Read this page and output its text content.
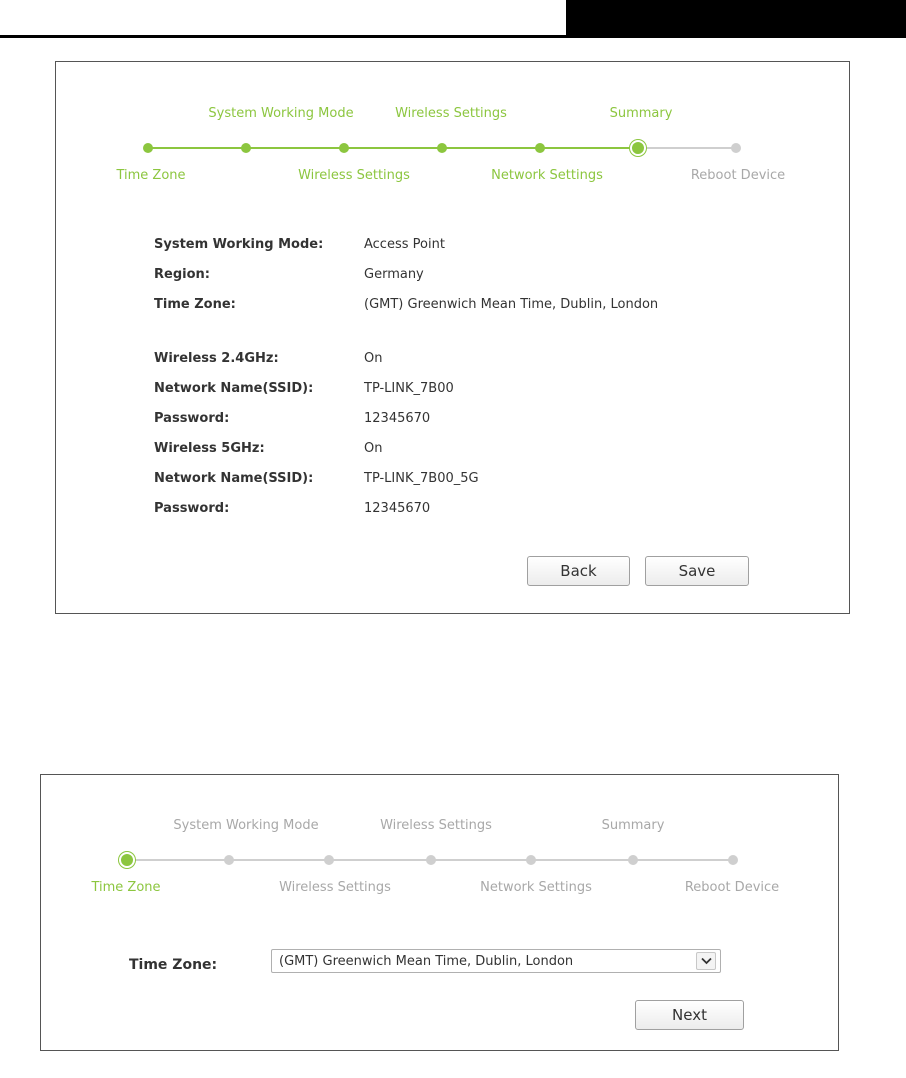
System Working Mode	Wireless Settings	Summary
Time Zone	Wireless Settings	Network Settings	Reboot Device
System Working Mode:	Access Point
Region:	Germany
Time Zone:	(GMT) Greenwich Mean Time, Dublin, London
Wireless 2.4GHz:	On
Network Name(SSID):	TP-LINK_7B00
Password:	12345670
Wireless 5GHz:	On
Network Name(SSID):	TP-LINK_7B00_5G
Password:	12345670
Back	Save
System Working Mode	Wireless Settings	Summary
Time Zone	Wireless Settings	Network Settings	Reboot Device
Time Zone:	(GMT) Greenwich Mean Time, Dublin, London
Next
